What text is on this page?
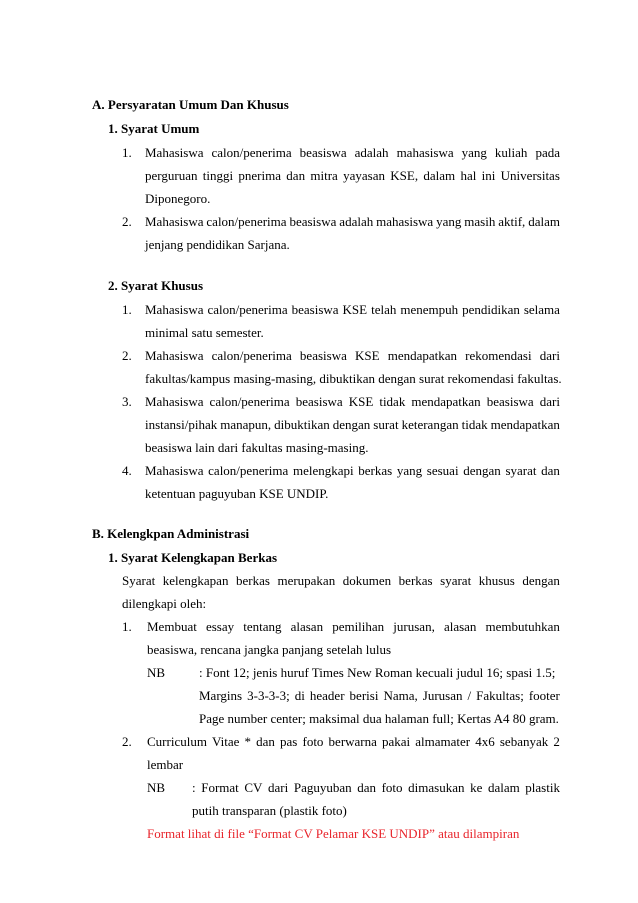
A. Persyaratan Umum Dan Khusus
1. Syarat Umum
1. Mahasiswa calon/penerima beasiswa adalah mahasiswa yang kuliah pada
perguruan tinggi pnerima dan mitra yayasan KSE, dalam hal ini Universitas
Diponegoro.
2. Mahasiswa calon/penerima beasiswa adalah mahasiswa yang masih aktif, dalam
jenjang pendidikan Sarjana.
2. Syarat Khusus
1. Mahasiswa calon/penerima beasiswa KSE telah menempuh pendidikan selama
minimal satu semester.
2. Mahasiswa calon/penerima beasiswa KSE mendapatkan rekomendasi dari
fakultas/kampus masing-masing, dibuktikan dengan surat rekomendasi fakultas.
3. Mahasiswa calon/penerima beasiswa KSE tidak mendapatkan beasiswa dari
instansi/pihak manapun, dibuktikan dengan surat keterangan tidak mendapatkan
beasiswa lain dari fakultas masing-masing.
4. Mahasiswa calon/penerima melengkapi berkas yang sesuai dengan syarat dan
ketentuan paguyuban KSE UNDIP.
B. Kelengkpan Administrasi
1. Syarat Kelengkapan Berkas
Syarat kelengkapan berkas merupakan dokumen berkas syarat khusus dengan
dilengkapi oleh:
1. Membuat essay tentang alasan pemilihan jurusan, alasan membutuhkan
beasiswa, rencana jangka panjang setelah lulus
NB	: Font 12; jenis huruf Times New Roman kecuali judul 16; spasi 1.5;
Margins 3-3-3-3; di header berisi Nama, Jurusan / Fakultas; footer
Page number center; maksimal dua halaman full; Kertas A4 80 gram.
2. Curriculum Vitae * dan pas foto berwarna pakai almamater 4x6 sebanyak 2
lembar
NB : Format CV dari Paguyuban dan foto dimasukan ke dalam plastik
putih transparan (plastik foto)
Format lihat di file “Format CV Pelamar KSE UNDIP” atau dilampiran
